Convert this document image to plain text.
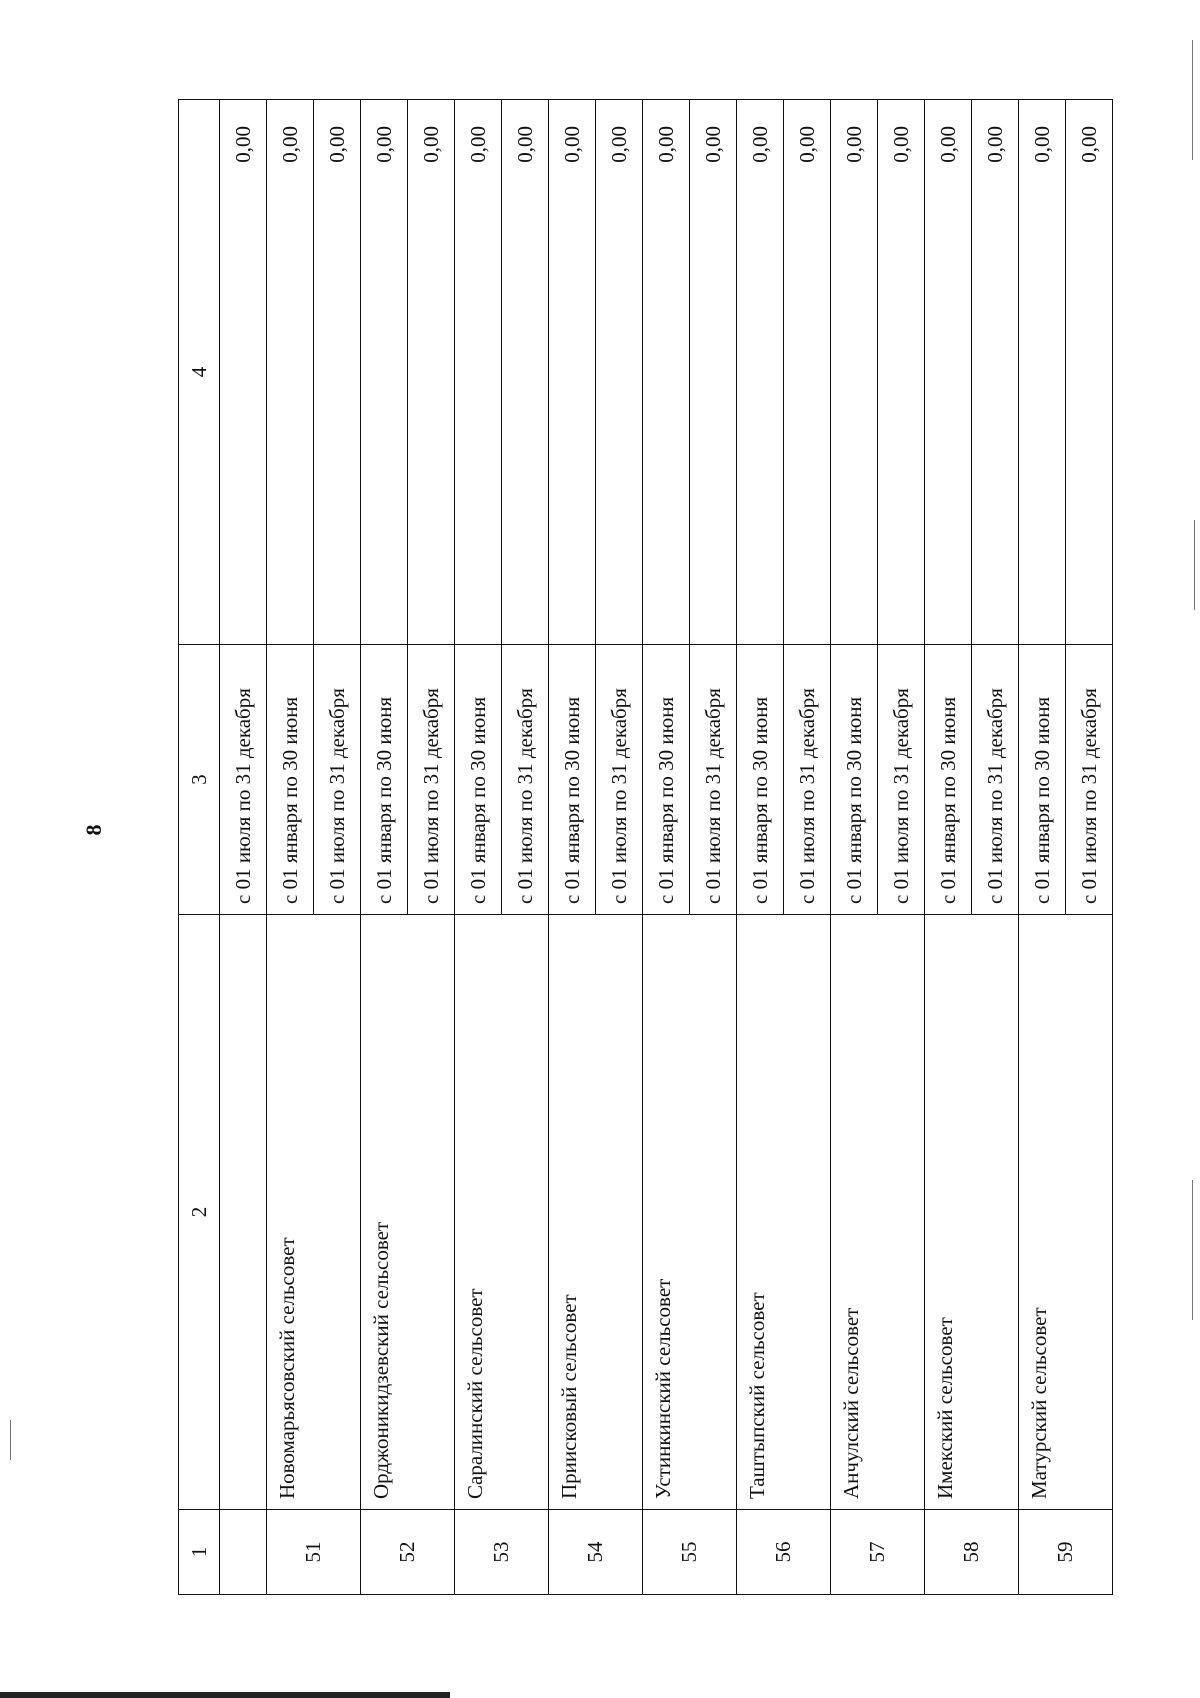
8
1	2	3	4
		с 01 июля по 31 декабря	0,00
51	Новомарьясовский сельсовет	с 01 января по 30 июня	0,00
		с 01 июля по 31 декабря	0,00
52	Орджоникидзевский сельсовет	с 01 января по 30 июня	0,00
		с 01 июля по 31 декабря	0,00
53	Саралинский сельсовет	с 01 января по 30 июня	0,00
		с 01 июля по 31 декабря	0,00
54	Приисковый сельсовет	с 01 января по 30 июня	0,00
		с 01 июля по 31 декабря	0,00
55	Устинкинский сельсовет	с 01 января по 30 июня	0,00
		с 01 июля по 31 декабря	0,00
56	Таштыпский сельсовет	с 01 января по 30 июня	0,00
		с 01 июля по 31 декабря	0,00
57	Анчулский сельсовет	с 01 января по 30 июня	0,00
		с 01 июля по 31 декабря	0,00
58	Имекский сельсовет	с 01 января по 30 июня	0,00
		с 01 июля по 31 декабря	0,00
59	Матурский сельсовет	с 01 января по 30 июня	0,00
		с 01 июля по 31 декабря	0,00
